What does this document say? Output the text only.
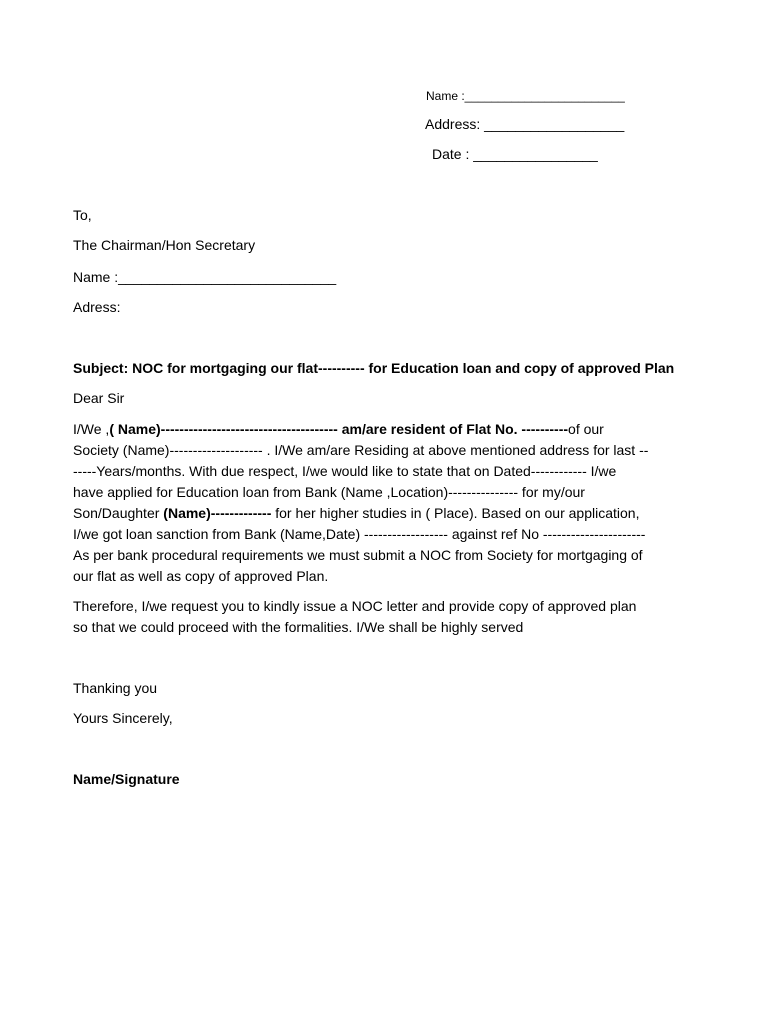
Name :________________________
Address: __________________
Date : ________________
To,
The Chairman/Hon Secretary
Name :____________________________
Adress:
Subject: NOC for mortgaging our flat---------- for Education loan and copy of approved Plan
Dear Sir
I/We ,( Name)-------------------------------------- am/are resident of Flat No. ----------of our
Society (Name)-------------------- . I/We am/are Residing at above mentioned address for last --
-----Years/months. With due respect, I/we would like to state that on Dated------------ I/we
have applied for Education loan from Bank (Name ,Location)--------------- for my/our
Son/Daughter (Name)------------- for her higher studies in ( Place). Based on our application,
I/we got loan sanction from Bank (Name,Date) ------------------ against ref No ----------------------
As per bank procedural requirements we must submit a NOC from Society for mortgaging of
our flat as well as copy of approved Plan.
Therefore, I/we request you to kindly issue a NOC letter and provide copy of approved plan
so that we could proceed with the formalities. I/We shall be highly served
Thanking you
Yours Sincerely,
Name/Signature
